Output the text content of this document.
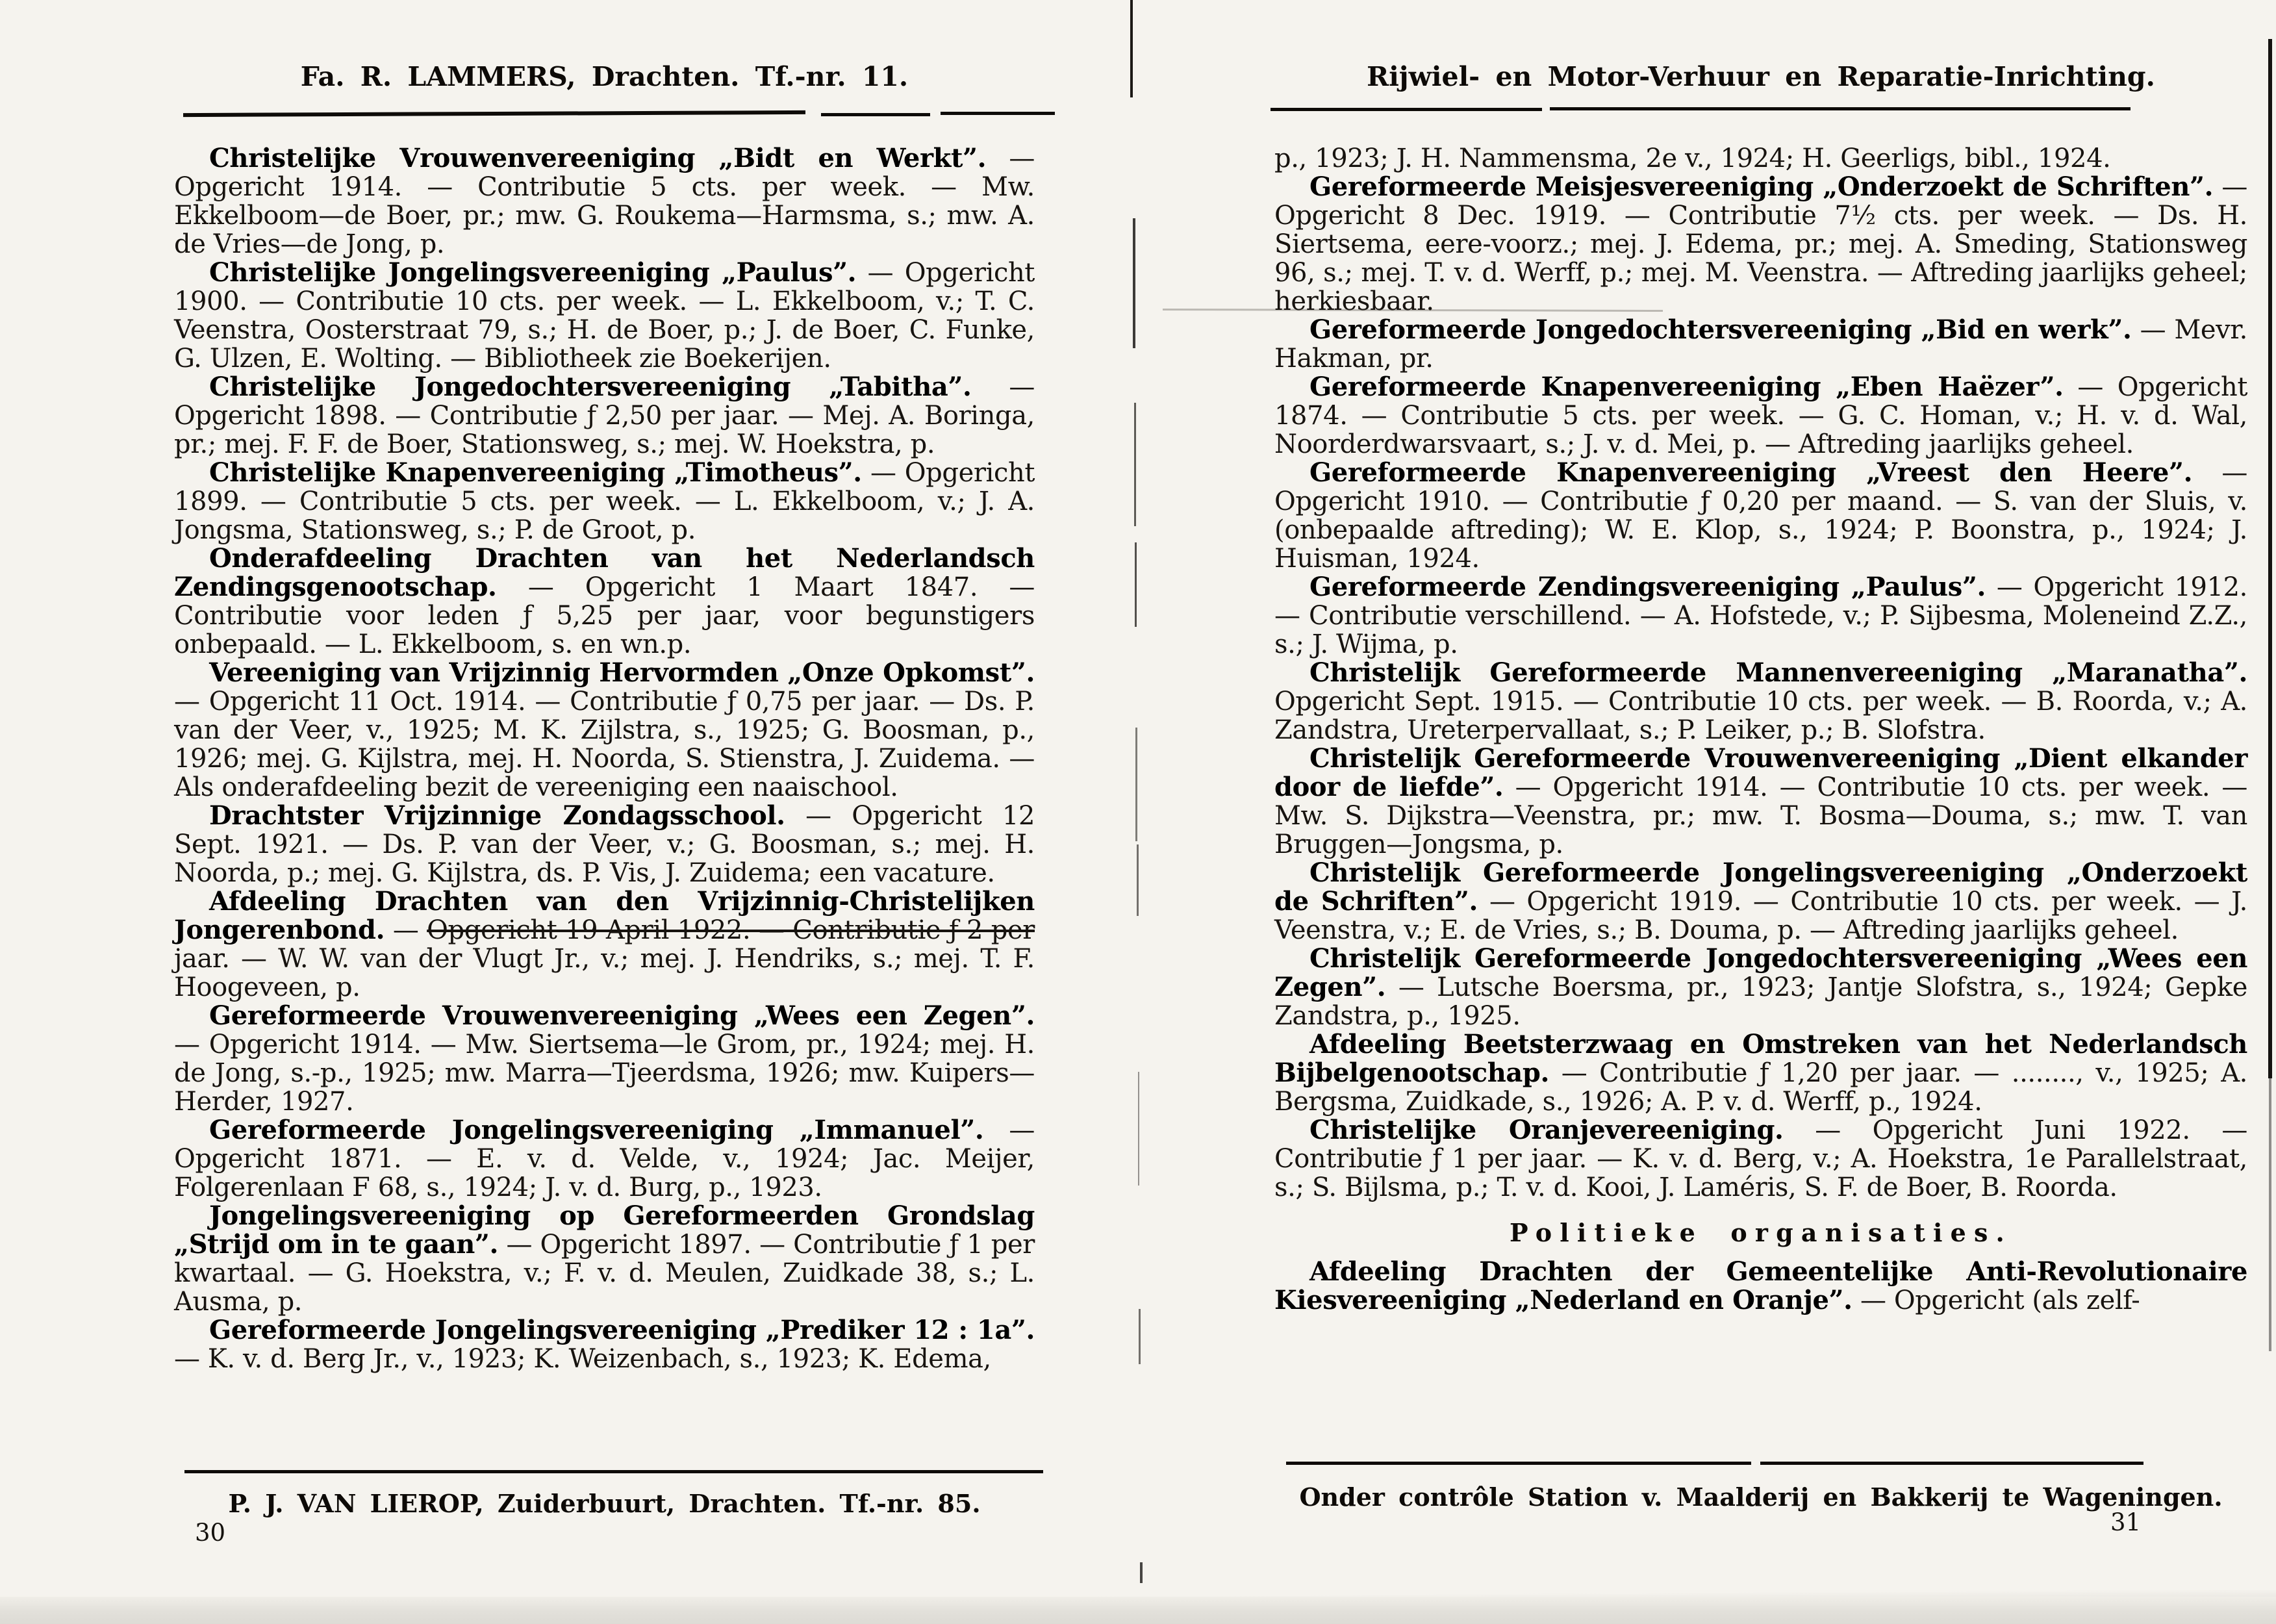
Fa. R. LAMMERS, Drachten. Tf.-nr. 11.

Christelijke Vrouwenvereeniging „Bidt en Werkt”. — Opgericht 1914. — Contributie 5 cts. per week. — Mw. Ekkelboom—de Boer, pr.; mw. G. Roukema—Harmsma, s.; mw. A. de Vries—de Jong, p.

Christelijke Jongelingsvereeniging „Paulus”. — Opgericht 1900. — Contributie 10 cts. per week. — L. Ekkelboom, v.; T. C. Veenstra, Oosterstraat 79, s.; H. de Boer, p.; J. de Boer, C. Funke, G. Ulzen, E. Wolting. — Bibliotheek zie Boekerijen.

Christelijke Jongedochtersvereeniging „Tabitha”. — Opgericht 1898. — Contributie ƒ 2,50 per jaar. — Mej. A. Boringa, pr.; mej. F. F. de Boer, Stationsweg, s.; mej. W. Hoekstra, p.

Christelijke Knapenvereeniging „Timotheus”. — Opgericht 1899. — Contributie 5 cts. per week. — L. Ekkelboom, v.; J. A. Jongsma, Stationsweg, s.; P. de Groot, p.

Onderafdeeling Drachten van het Nederlandsch Zendingsgenootschap. — Opgericht 1 Maart 1847. — Contributie voor leden ƒ 5,25 per jaar, voor begunstigers onbepaald. — L. Ekkelboom, s. en wn.p.

Vereeniging van Vrijzinnig Hervormden „Onze Opkomst”. — Opgericht 11 Oct. 1914. — Contributie ƒ 0,75 per jaar. — Ds. P. van der Veer, v., 1925; M. K. Zijlstra, s., 1925; G. Boosman, p., 1926; mej. G. Kijlstra, mej. H. Noorda, S. Stienstra, J. Zuidema. — Als onderafdeeling bezit de vereeniging een naaischool.

Drachtster Vrijzinnige Zondagsschool. — Opgericht 12 Sept. 1921. — Ds. P. van der Veer, v.; G. Boosman, s.; mej. H. Noorda, p.; mej. G. Kijlstra, ds. P. Vis, J. Zuidema; een vacature.

Afdeeling Drachten van den Vrijzinnig-Christelijken Jongerenbond. — Opgericht 19 April 1922. — Contributie ƒ 2 per jaar. — W. W. van der Vlugt Jr., v.; mej. J. Hendriks, s.; mej. T. F. Hoogeveen, p.

Gereformeerde Vrouwenvereeniging „Wees een Zegen”. — Opgericht 1914. — Mw. Siertsema—le Grom, pr., 1924; mej. H. de Jong, s.-p., 1925; mw. Marra—Tjeerdsma, 1926; mw. Kuipers—Herder, 1927.

Gereformeerde Jongelingsvereeniging „Immanuel”. — Opgericht 1871. — E. v. d. Velde, v., 1924; Jac. Meijer, Folgerenlaan F 68, s., 1924; J. v. d. Burg, p., 1923.

Jongelingsvereeniging op Gereformeerden Grondslag „Strijd om in te gaan”. — Opgericht 1897. — Contributie ƒ 1 per kwartaal. — G. Hoekstra, v.; F. v. d. Meulen, Zuidkade 38, s.; L. Ausma, p.

Gereformeerde Jongelingsvereeniging „Prediker 12 : 1a”. — K. v. d. Berg Jr., v., 1923; K. Weizenbach, s., 1923; K. Edema,

P. J. VAN LIEROP, Zuiderbuurt, Drachten. Tf.-nr. 85.
30
Rijwiel- en Motor-Verhuur en Reparatie-Inrichting.

p., 1923; J. H. Nammensma, 2e v., 1924; H. Geerligs, bibl., 1924.

Gereformeerde Meisjesvereeniging „Onderzoekt de Schriften”. — Opgericht 8 Dec. 1919. — Contributie 7½ cts. per week. — Ds. H. Siertsema, eere-voorz.; mej. J. Edema, pr.; mej. A. Smeding, Stationsweg 96, s.; mej. T. v. d. Werff, p.; mej. M. Veenstra. — Aftreding jaarlijks geheel; herkiesbaar.

Gereformeerde Jongedochtersvereeniging „Bid en werk”. — Mevr. Hakman, pr.

Gereformeerde Knapenvereeniging „Eben Haëzer”. — Opgericht 1874. — Contributie 5 cts. per week. — G. C. Homan, v.; H. v. d. Wal, Noorderdwarsvaart, s.; J. v. d. Mei, p. — Aftreding jaarlijks geheel.

Gereformeerde Knapenvereeniging „Vreest den Heere”. — Opgericht 1910. — Contributie ƒ 0,20 per maand. — S. van der Sluis, v. (onbepaalde aftreding); W. E. Klop, s., 1924; P. Boonstra, p., 1924; J. Huisman, 1924.

Gereformeerde Zendingsvereeniging „Paulus”. — Opgericht 1912. — Contributie verschillend. — A. Hofstede, v.; P. Sijbesma, Moleneind Z.Z., s.; J. Wijma, p.

Christelijk Gereformeerde Mannenvereeniging „Maranatha”. Opgericht Sept. 1915. — Contributie 10 cts. per week. — B. Roorda, v.; A. Zandstra, Ureterpervallaat, s.; P. Leiker, p.; B. Slofstra.

Christelijk Gereformeerde Vrouwenvereeniging „Dient elkander door de liefde”. — Opgericht 1914. — Contributie 10 cts. per week. — Mw. S. Dijkstra—Veenstra, pr.; mw. T. Bosma—Douma, s.; mw. T. van Bruggen—Jongsma, p.

Christelijk Gereformeerde Jongelingsvereeniging „Onderzoekt de Schriften”. — Opgericht 1919. — Contributie 10 cts. per week. — J. Veenstra, v.; E. de Vries, s.; B. Douma, p. — Aftreding jaarlijks geheel.

Christelijk Gereformeerde Jongedochtersvereeniging „Wees een Zegen”. — Lutsche Boersma, pr., 1923; Jantje Slofstra, s., 1924; Gepke Zandstra, p., 1925.

Afdeeling Beetsterzwaag en Omstreken van het Nederlandsch Bijbelgenootschap. — Contributie ƒ 1,20 per jaar. — ........, v., 1925; A. Bergsma, Zuidkade, s., 1926; A. P. v. d. Werff, p., 1924.

Christelijke Oranjevereeniging. — Opgericht Juni 1922. — Contributie ƒ 1 per jaar. — K. v. d. Berg, v.; A. Hoekstra, 1e Parallelstraat, s.; S. Bijlsma, p.; T. v. d. Kooi, J. Laméris, S. F. de Boer, B. Roorda.

Politieke organisaties.

Afdeeling Drachten der Gemeentelijke Anti-Revolutionaire Kiesvereeniging „Nederland en Oranje”. — Opgericht (als zelf-

Onder contrôle Station v. Maalderij en Bakkerij te Wageningen.
31
